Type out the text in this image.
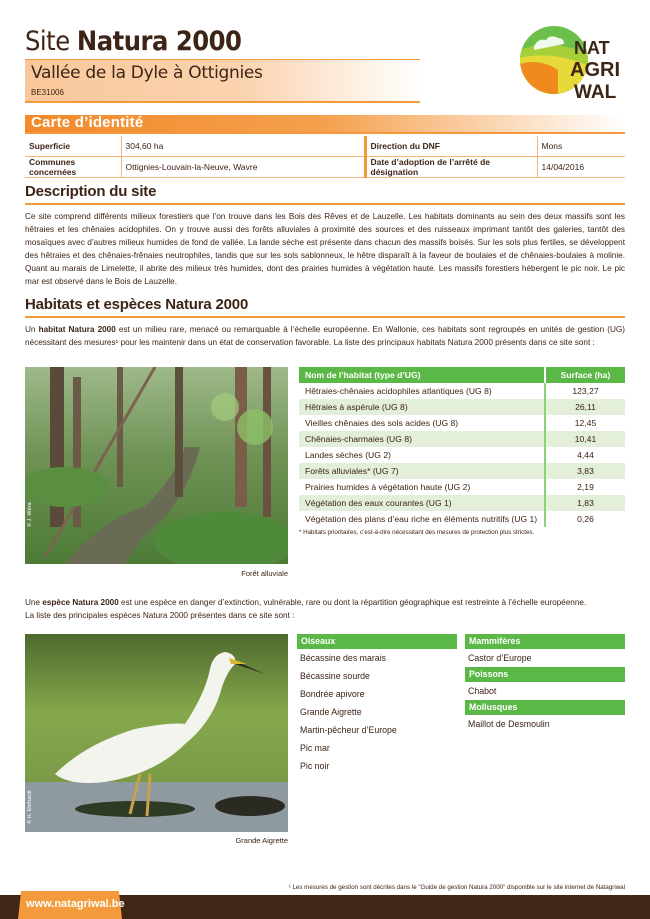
Site Natura 2000
Vallée de la Dyle à Ottignies
BE31006
NAT
AGRI
WAL
Carte d’identité
Superficie	304,60 ha	Direction du DNF	Mons
Communes concernées	Ottignies-Louvain-la-Neuve, Wavre	Date d’adoption de l’arrêté de désignation	14/04/2016
Description du site
Ce site comprend différents milieux forestiers que l’on trouve dans les Bois des Rêves et de Lauzelle. Les habitats dominants au sein des deux massifs sont les hêtraies et les chênaies acidophiles. On y trouve aussi des forêts alluviales à proximité des sources et des ruisseaux imprimant tantôt des galeries, tantôt des mosaïques avec d’autres milieux humides de fond de vallée. La lande sèche est présente dans chacun des massifs boisés. Sur les sols plus fertiles, se développent des hêtraies et des chênaies-frênaies neutrophiles, tandis que sur les sols sablonneux, le hêtre disparaît à la faveur de boulaies et de chênaies-boulaies à molinie. Quant au marais de Limelette, il abrite des milieux très humides, dont des prairies humides à végétation haute. Les massifs forestiers hébergent le pic noir. Le pic mar est observé dans le Bois de Lauzelle.
Habitats et espèces Natura 2000
Un habitat Natura 2000 est un milieu rare, menacé ou remarquable à l’échelle européenne. En Wallonie, ces habitats sont regroupés en unités de gestion (UG) nécessitant des mesures¹ pour les maintenir dans un état de conservation favorable. La liste des principaux habitats Natura 2000 présents dans ce site sont :
© J. Wéra
Forêt alluviale
Nom de l’habitat (type d’UG)	Surface (ha)
Hêtraies-chênaies acidophiles atlantiques (UG 8)	123,27
Hêtraies à aspérule (UG 8)	26,11
Vieilles chênaies des sols acides (UG 8)	12,45
Chênaies-charmaies (UG 8)	10,41
Landes sèches (UG 2)	4,44
Forêts alluviales* (UG 7)	3,83
Prairies humides à végétation haute (UG 2)	2,19
Végétation des eaux courantes (UG 1)	1,83
Végétation des plans d’eau riche en éléments nutritifs (UG 1)	0,26
* Habitats prioritaires, c’est-à-dire nécessitant des mesures de protection plus strictes.
Une espèce Natura 2000 est une espèce en danger d’extinction, vulnérable, rare ou dont la répartition géographique est restreinte à l’échelle européenne.
La liste des principales espèces Natura 2000 présentes dans ce site sont :
© H. Ehrhardt
Grande Aigrette
Oiseaux
Bécassine des marais
Bécassine sourde
Bondrée apivore
Grande Aigrette
Martin-pêcheur d’Europe
Pic mar
Pic noir
Mammifères
Castor d’Europe
Poissons
Chabot
Mollusques
Maillot de Desmoulin
¹ Les mesures de gestion sont décrites dans le "Guide de gestion Natura 2000" disponible sur le site internet de Natagriwal
www.natagriwal.be
